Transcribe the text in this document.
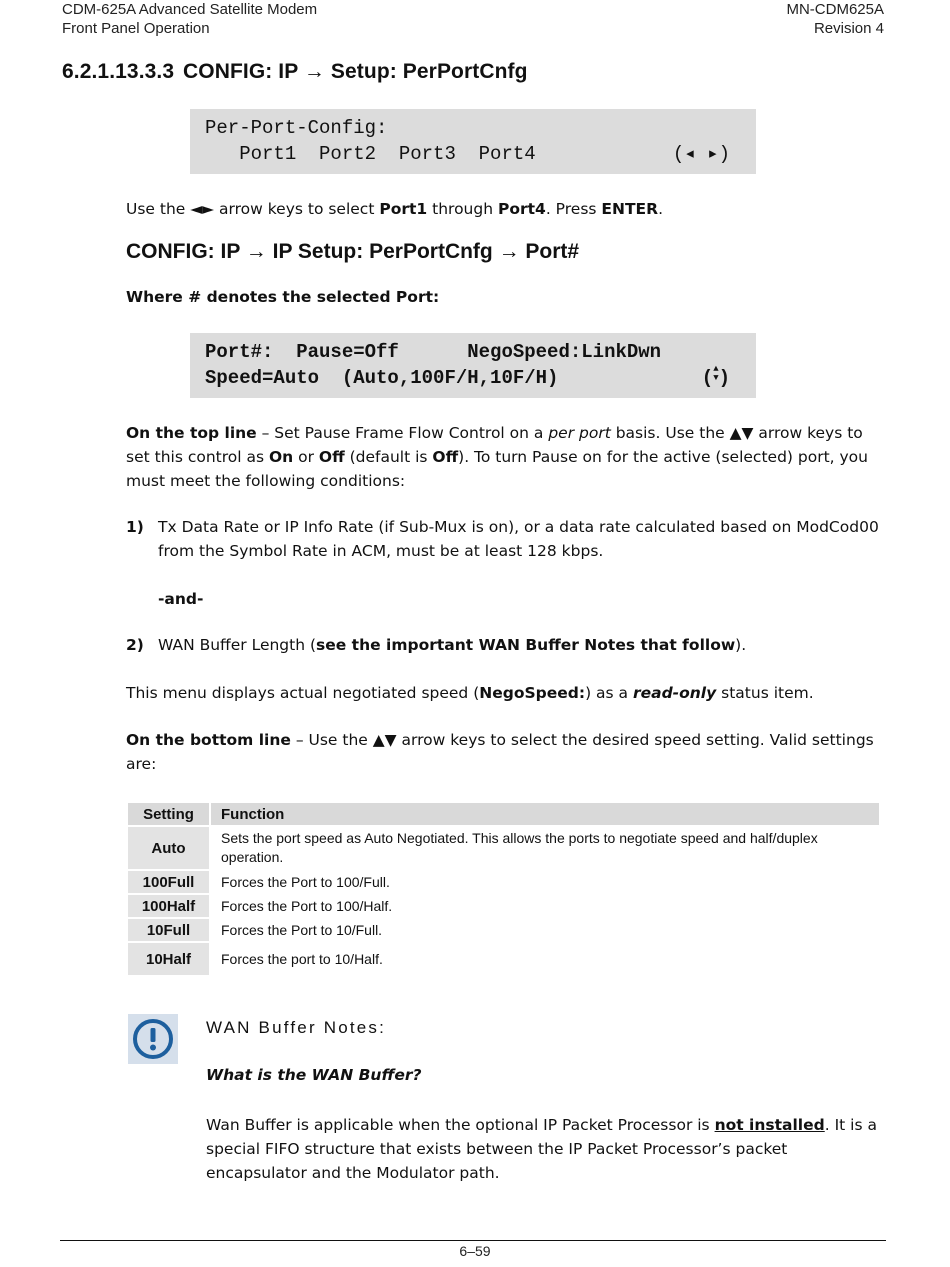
CDM-625A Advanced Satellite Modem
Front Panel Operation
MN-CDM625A
Revision 4
6.2.1.13.3.3 CONFIG: IP → Setup: PerPortCnfg
Per-Port-Config:
Port1  Port2  Port3  Port4	(◂ ▸)

Use the ◄► arrow keys to select Port1 through Port4. Press ENTER.

CONFIG: IP → IP Setup: PerPortCnfg → Port#

Where # denotes the selected Port:

Port#:  Pause=Off      NegoSpeed:LinkDwn
Speed=Auto  (Auto,100F/H,10F/H)	(▲
▼)

On the top line – Set Pause Frame Flow Control on a per port basis. Use the ▲▼ arrow keys to set this control as On or Off (default is Off). To turn Pause on for the active (selected) port, you must meet the following conditions:

1) Tx Data Rate or IP Info Rate (if Sub-Mux is on), or a data rate calculated based on ModCod00 from the Symbol Rate in ACM, must be at least 128 kbps.

-and-

2) WAN Buffer Length (see the important WAN Buffer Notes that follow).

This menu displays actual negotiated speed (NegoSpeed:) as a read-only status item.

On the bottom line – Use the ▲▼ arrow keys to select the desired speed setting. Valid settings are:

Setting	Function
Auto	Sets the port speed as Auto Negotiated. This allows the ports to negotiate speed and half/duplex operation.
100Full	Forces the Port to 100/Full.
100Half	Forces the Port to 100/Half.
10Full	Forces the Port to 10/Full.
10Half	Forces the port to 10/Half.

WAN Buffer Notes:

What is the WAN Buffer?

Wan Buffer is applicable when the optional IP Packet Processor is not installed. It is a special FIFO structure that exists between the IP Packet Processor’s packet encapsulator and the Modulator path.

6–59
